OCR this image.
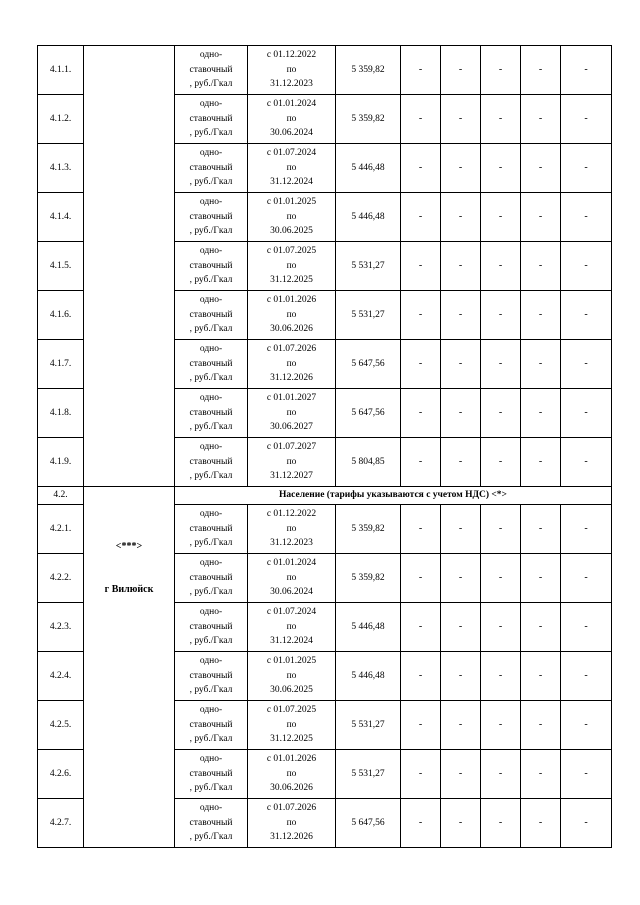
4.1.1.		одно-
ставочный
, руб./Гкал	с 01.12.2022
по
31.12.2023	5 359,82	-	-	-	-	-
4.1.2.		одно-
ставочный
, руб./Гкал	с 01.01.2024
по
30.06.2024	5 359,82	-	-	-	-	-
4.1.3.		одно-
ставочный
, руб./Гкал	с 01.07.2024
по
31.12.2024	5 446,48	-	-	-	-	-
4.1.4.		одно-
ставочный
, руб./Гкал	с 01.01.2025
по
30.06.2025	5 446,48	-	-	-	-	-
4.1.5.		одно-
ставочный
, руб./Гкал	с 01.07.2025
по
31.12.2025	5 531,27	-	-	-	-	-
4.1.6.		одно-
ставочный
, руб./Гкал	с 01.01.2026
по
30.06.2026	5 531,27	-	-	-	-	-
4.1.7.		одно-
ставочный
, руб./Гкал	с 01.07.2026
по
31.12.2026	5 647,56	-	-	-	-	-
4.1.8.		одно-
ставочный
, руб./Гкал	с 01.01.2027
по
30.06.2027	5 647,56	-	-	-	-	-
4.1.9.		одно-
ставочный
, руб./Гкал	с 01.07.2027
по
31.12.2027	5 804,85	-	-	-	-	-
4.2.	<***>
г Вилюйск	Население (тарифы указываются с учетом НДС) <*>							
4.2.1.		одно-
ставочный
, руб./Гкал	с 01.12.2022
по
31.12.2023	5 359,82	-	-	-	-	-
4.2.2.		одно-
ставочный
, руб./Гкал	с 01.01.2024
по
30.06.2024	5 359,82	-	-	-	-	-
4.2.3.		одно-
ставочный
, руб./Гкал	с 01.07.2024
по
31.12.2024	5 446,48	-	-	-	-	-
4.2.4.		одно-
ставочный
, руб./Гкал	с 01.01.2025
по
30.06.2025	5 446,48	-	-	-	-	-
4.2.5.		одно-
ставочный
, руб./Гкал	с 01.07.2025
по
31.12.2025	5 531,27	-	-	-	-	-
4.2.6.		одно-
ставочный
, руб./Гкал	с 01.01.2026
по
30.06.2026	5 531,27	-	-	-	-	-
4.2.7.		одно-
ставочный
, руб./Гкал	с 01.07.2026
по
31.12.2026	5 647,56	-	-	-	-	-
